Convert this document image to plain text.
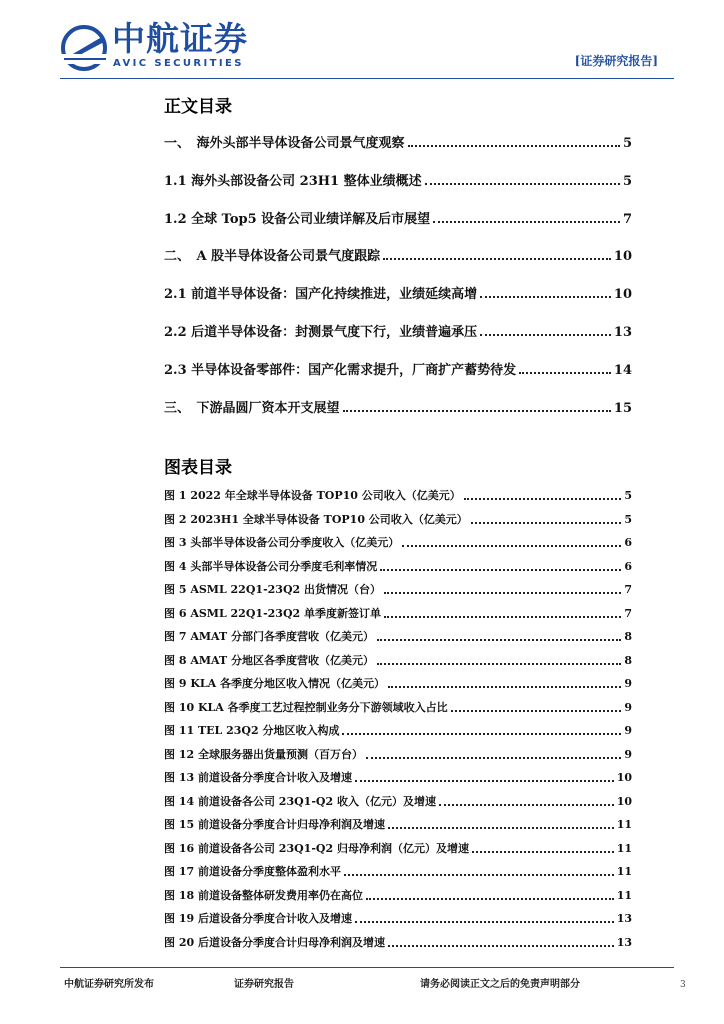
中航证券
AVIC SECURITIES	[证券研究报告]
正文目录
一、　海外头部半导体设备公司景气度观察	5
1.1 海外头部设备公司 23H1 整体业绩概述	5
1.2 全球 Top5 设备公司业绩详解及后市展望	7
二、　A 股半导体设备公司景气度跟踪	10
2.1 前道半导体设备：国产化持续推进，业绩延续高增	10
2.2 后道半导体设备：封测景气度下行，业绩普遍承压	13
2.3 半导体设备零部件：国产化需求提升，厂商扩产蓄势待发	14
三、　下游晶圆厂资本开支展望	15
图表目录
图 1 2022 年全球半导体设备 TOP10 公司收入（亿美元）	5
图 2 2023H1 全球半导体设备 TOP10 公司收入（亿美元）	5
图 3 头部半导体设备公司分季度收入（亿美元）	6
图 4 头部半导体设备公司分季度毛利率情况	6
图 5 ASML 22Q1-23Q2 出货情况（台）	7
图 6 ASML 22Q1-23Q2 单季度新签订单	7
图 7 AMAT 分部门各季度营收（亿美元）	8
图 8 AMAT 分地区各季度营收（亿美元）	8
图 9 KLA 各季度分地区收入情况（亿美元）	9
图 10 KLA 各季度工艺过程控制业务分下游领域收入占比	9
图 11 TEL 23Q2 分地区收入构成	9
图 12 全球服务器出货量预测（百万台）	9
图 13 前道设备分季度合计收入及增速	10
图 14 前道设备各公司 23Q1-Q2 收入（亿元）及增速	10
图 15 前道设备分季度合计归母净利润及增速	11
图 16 前道设备各公司 23Q1-Q2 归母净利润（亿元）及增速	11
图 17 前道设备分季度整体盈利水平	11
图 18 前道设备整体研发费用率仍在高位	11
图 19 后道设备分季度合计收入及增速	13
图 20 后道设备分季度合计归母净利润及增速	13
中航证券研究所发布	证券研究报告	请务必阅读正文之后的免责声明部分	3
